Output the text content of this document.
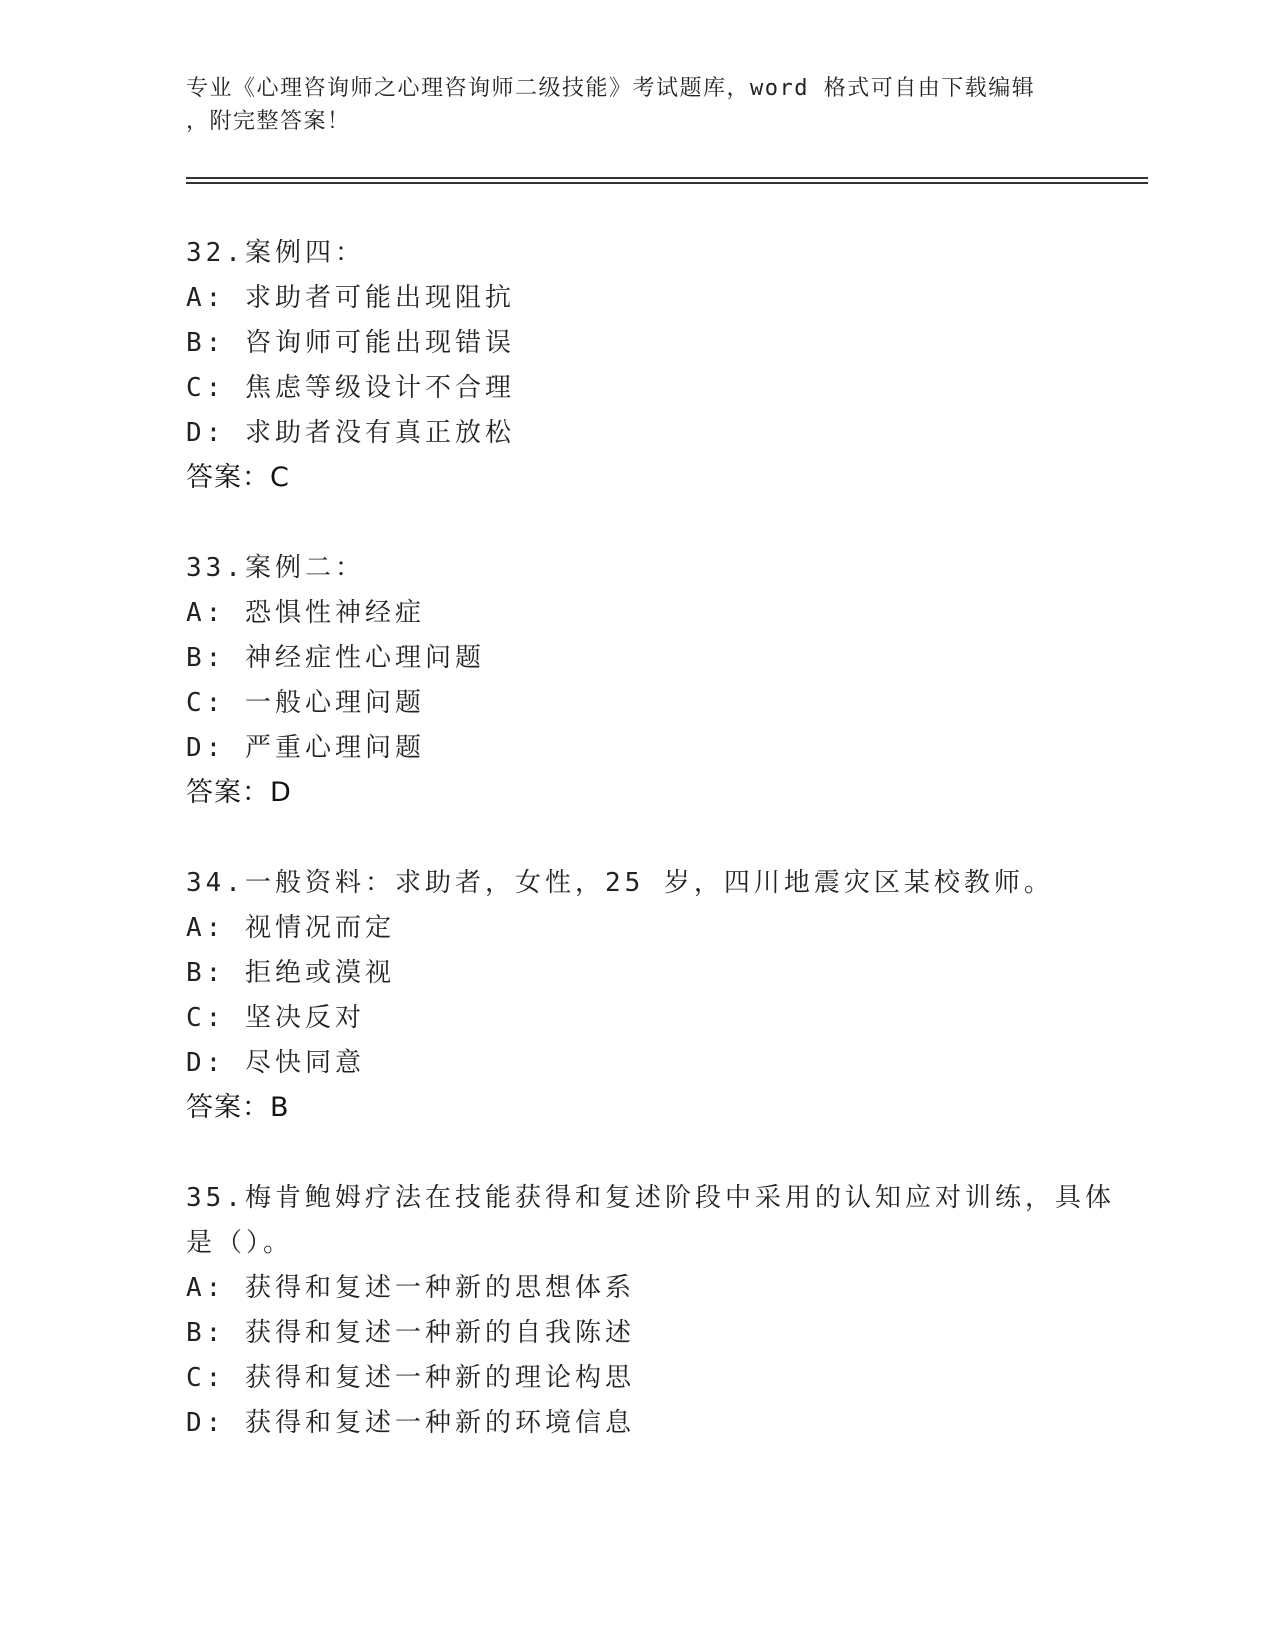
专业《心理咨询师之心理咨询师二级技能》考试题库，word 格式可自由下载编辑
，附完整答案！
32.案例四：
A: 求助者可能出现阻抗
B: 咨询师可能出现错误
C: 焦虑等级设计不合理
D: 求助者没有真正放松
答案：C
33.案例二：
A: 恐惧性神经症
B: 神经症性心理问题
C: 一般心理问题
D: 严重心理问题
答案：D
34.一般资料：求助者，女性，25 岁，四川地震灾区某校教师。
A: 视情况而定
B: 拒绝或漠视
C: 坚决反对
D: 尽快同意
答案：B
35.梅肯鲍姆疗法在技能获得和复述阶段中采用的认知应对训练，具体
是（）。
A: 获得和复述一种新的思想体系
B: 获得和复述一种新的自我陈述
C: 获得和复述一种新的理论构思
D: 获得和复述一种新的环境信息
